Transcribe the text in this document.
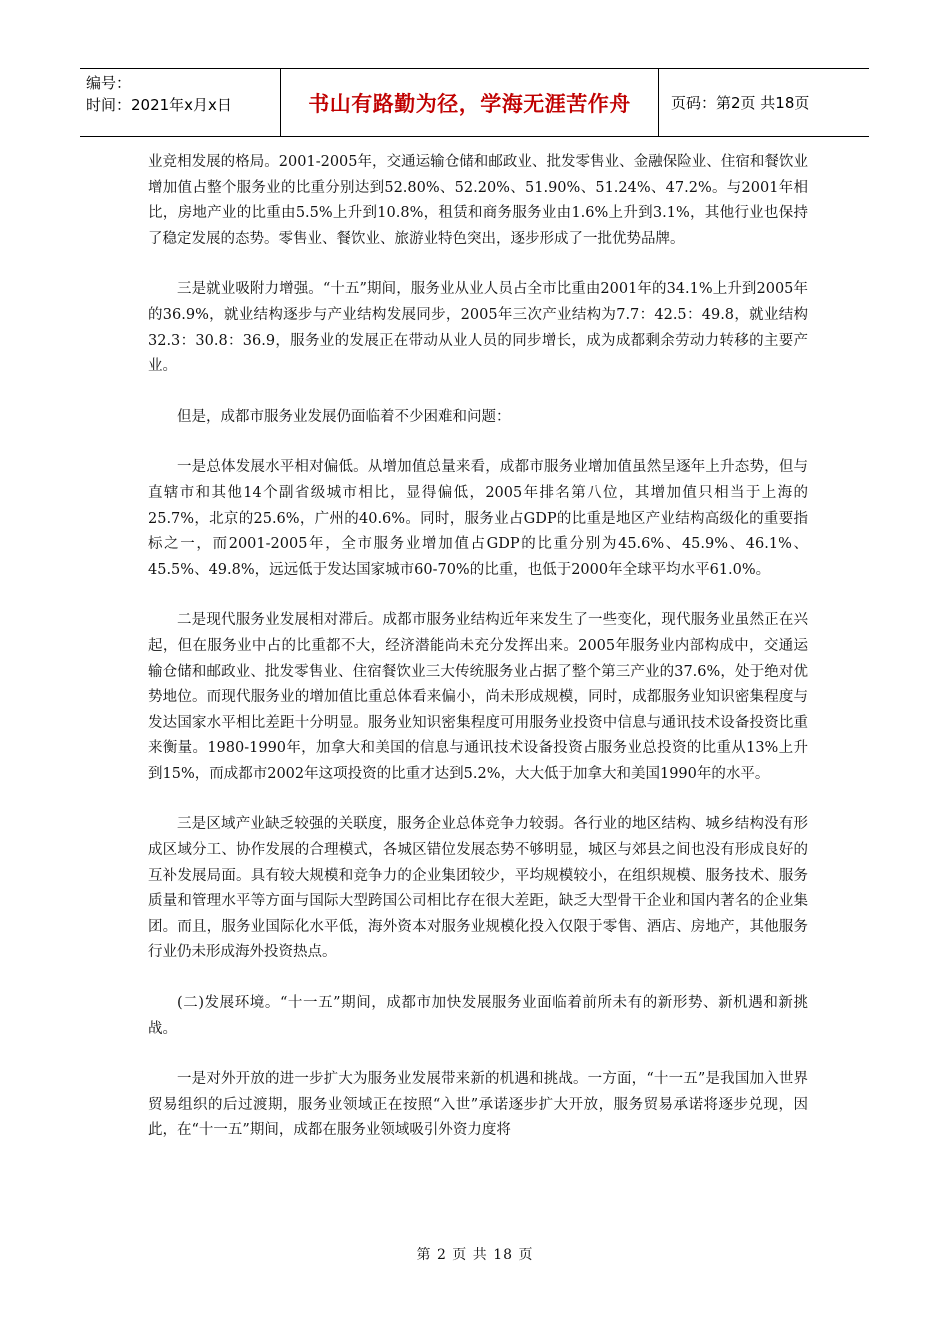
编号：
时间：2021年x月x日	书山有路勤为径，学海无涯苦作舟	页码：第2页 共18页

业竞相发展的格局。2001-2005年，交通运输仓储和邮政业、批发零售业、金融保险业、住宿和餐饮业增加值占整个服务业的比重分别达到52.80%、52.20%、51.90%、51.24%、47.2%。与2001年相比，房地产业的比重由5.5%上升到10.8%，租赁和商务服务业由1.6%上升到3.1%，其他行业也保持了稳定发展的态势。零售业、餐饮业、旅游业特色突出，逐步形成了一批优势品牌。

三是就业吸附力增强。“十五”期间，服务业从业人员占全市比重由2001年的34.1%上升到2005年的36.9%，就业结构逐步与产业结构发展同步，2005年三次产业结构为7.7：42.5：49.8，就业结构32.3：30.8：36.9，服务业的发展正在带动从业人员的同步增长，成为成都剩余劳动力转移的主要产业。

但是，成都市服务业发展仍面临着不少困难和问题：

一是总体发展水平相对偏低。从增加值总量来看，成都市服务业增加值虽然呈逐年上升态势，但与直辖市和其他14个副省级城市相比，显得偏低，2005年排名第八位，其增加值只相当于上海的25.7%，北京的25.6%，广州的40.6%。同时，服务业占GDP的比重是地区产业结构高级化的重要指标之一，而2001-2005年，全市服务业增加值占GDP的比重分别为45.6%、45.9%、46.1%、45.5%、49.8%，远远低于发达国家城市60-70%的比重，也低于2000年全球平均水平61.0%。

二是现代服务业发展相对滞后。成都市服务业结构近年来发生了一些变化，现代服务业虽然正在兴起，但在服务业中占的比重都不大，经济潜能尚未充分发挥出来。2005年服务业内部构成中，交通运输仓储和邮政业、批发零售业、住宿餐饮业三大传统服务业占据了整个第三产业的37.6%，处于绝对优势地位。而现代服务业的增加值比重总体看来偏小，尚未形成规模，同时，成都服务业知识密集程度与发达国家水平相比差距十分明显。服务业知识密集程度可用服务业投资中信息与通讯技术设备投资比重来衡量。1980-1990年，加拿大和美国的信息与通讯技术设备投资占服务业总投资的比重从13%上升到15%，而成都市2002年这项投资的比重才达到5.2%，大大低于加拿大和美国1990年的水平。

三是区域产业缺乏较强的关联度，服务企业总体竞争力较弱。各行业的地区结构、城乡结构没有形成区域分工、协作发展的合理模式，各城区错位发展态势不够明显，城区与郊县之间也没有形成良好的互补发展局面。具有较大规模和竞争力的企业集团较少，平均规模较小，在组织规模、服务技术、服务质量和管理水平等方面与国际大型跨国公司相比存在很大差距，缺乏大型骨干企业和国内著名的企业集团。而且，服务业国际化水平低，海外资本对服务业规模化投入仅限于零售、酒店、房地产，其他服务行业仍未形成海外投资热点。

(二)发展环境。“十一五”期间，成都市加快发展服务业面临着前所未有的新形势、新机遇和新挑战。

一是对外开放的进一步扩大为服务业发展带来新的机遇和挑战。一方面，“十一五”是我国加入世界贸易组织的后过渡期，服务业领域正在按照“入世”承诺逐步扩大开放，服务贸易承诺将逐步兑现，因此，在“十一五”期间，成都在服务业领域吸引外资力度将

第 2 页 共 18 页
